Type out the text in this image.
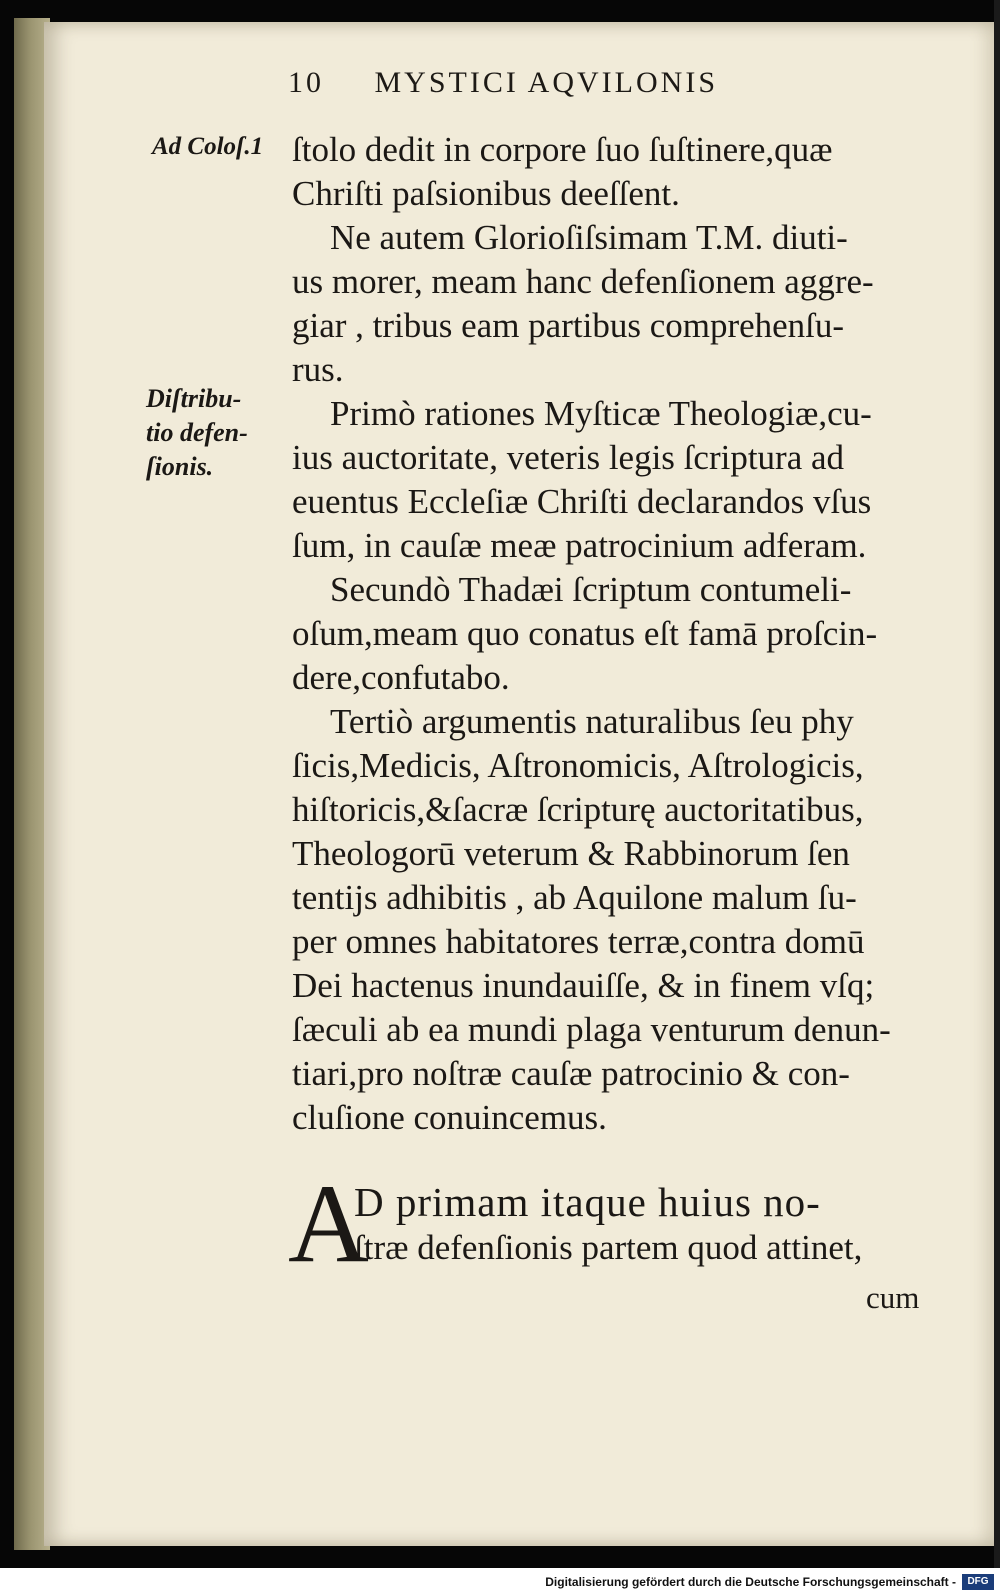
10 MYSTICI AQVILONIS
Ad Coloſ.1
Diſtribu-
tio defen-
ſionis.

ſtolo dedit in corpore ſuo ſuſtinere,quæ
Chriſti paſsionibus deeſſent.

Ne autem Glorioſiſsimam T.M. diuti-
us morer, meam hanc defenſionem aggre-
giar , tribus eam partibus comprehenſu-
rus.

Primò rationes Myſticæ Theologiæ,cu-
ius auctoritate, veteris legis ſcriptura ad
euentus Eccleſiæ Chriſti declarandos vſus
ſum, in cauſæ meæ patrocinium adferam.

Secundò Thadæi ſcriptum contumeli-
oſum,meam quo conatus eſt famā proſcin-
dere,confutabo.

Tertiò argumentis naturalibus ſeu phy
ſicis,Medicis, Aſtronomicis, Aſtrologicis,
hiſtoricis,&ſacræ ſcripturę auctoritatibus,
Theologorū veterum & Rabbinorum ſen
tentijs adhibitis , ab Aquilone malum ſu-
per omnes habitatores terræ,contra domū
Dei hactenus inundauiſſe, & in finem vſq;
ſæculi ab ea mundi plaga venturum denun-
tiari,pro noſtræ cauſæ patrocinio & con-
cluſione conuincemus.

A
D primam itaque huius no-
ſtræ defenſionis partem quod attinet,
cum
Digitalisierung gefördert durch die Deutsche Forschungsgemeinschaft -	DFG
